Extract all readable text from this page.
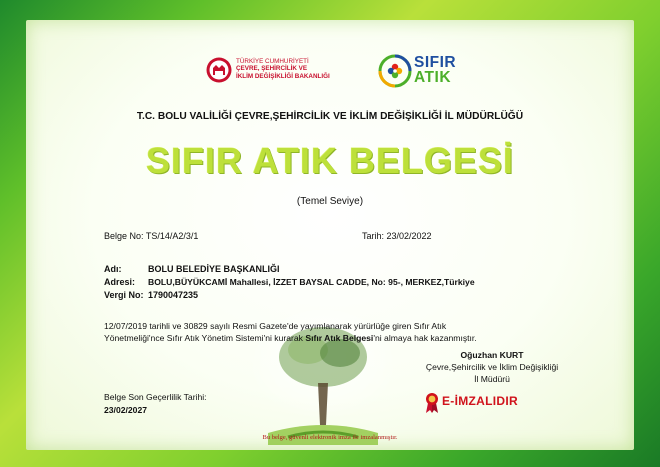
TÜRKİYE CUMHURİYETİ
ÇEVRE, ŞEHİRCİLİK VE
İKLİM DEĞİŞİKLİĞİ BAKANLIĞI
SIFIR
ATIK
T.C. BOLU VALİLİĞİ ÇEVRE,ŞEHİRCİLİK VE İKLİM DEĞİŞİKLİĞİ İL MÜDÜRLÜĞÜ
SIFIR ATIK BELGESİ
(Temel Seviye)
Belge No: TS/14/A2/3/1	Tarih: 23/02/2022
Adı:	BOLU BELEDİYE BAŞKANLIĞI
Adresi: BOLU,BÜYÜKCAMİ Mahallesi, İZZET BAYSAL CADDE, No: 95-, MERKEZ,Türkiye
Vergi No: 1790047235
12/07/2019 tarihli ve 30829 sayılı Resmi Gazete'de yayımlanarak yürürlüğe giren Sıfır Atık
Yönetmeliği'nce Sıfır Atık Yönetim Sistemi'ni kurarak Sıfır Atık Belgesi'ni almaya hak kazanmıştır.
Oğuzhan KURT
Çevre,Şehircilik ve İklim Değişikliği
İl Müdürü
Belge Son Geçerlilik Tarihi:
23/02/2027
E-İMZALIDIR
Bu belge, güvenli elektronik imza ile imzalanmıştır.
